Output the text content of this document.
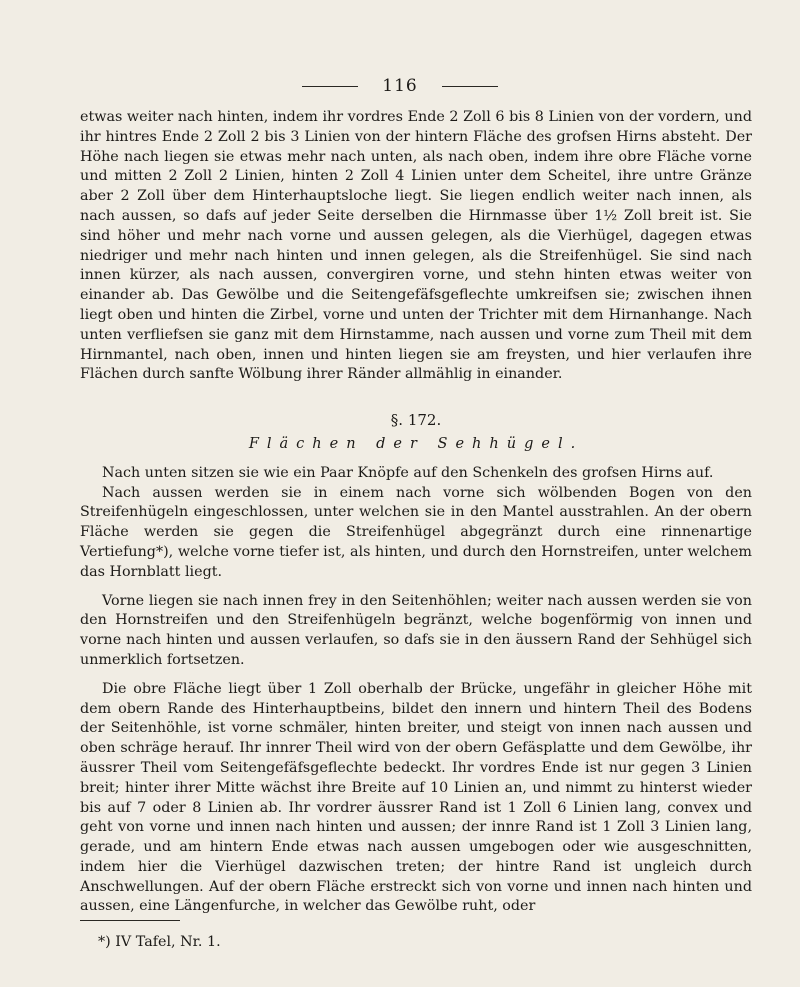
116

etwas weiter nach hinten, indem ihr vordres Ende 2 Zoll 6 bis 8 Linien von der vordern, und ihr hintres Ende 2 Zoll 2 bis 3 Linien von der hintern Fläche des grofsen Hirns absteht. Der Höhe nach liegen sie etwas mehr nach unten, als nach oben, indem ihre obre Fläche vorne und mitten 2 Zoll 2 Linien, hinten 2 Zoll 4 Linien unter dem Scheitel, ihre untre Gränze aber 2 Zoll über dem Hinterhauptsloche liegt. Sie liegen endlich weiter nach innen, als nach aussen, so dafs auf jeder Seite derselben die Hirnmasse über 1½ Zoll breit ist. Sie sind höher und mehr nach vorne und aussen gelegen, als die Vierhügel, dagegen etwas niedriger und mehr nach hinten und innen gelegen, als die Streifenhügel. Sie sind nach innen kürzer, als nach aussen, convergiren vorne, und stehn hinten etwas weiter von einander ab. Das Gewölbe und die Seitengefäfsgeflechte umkreifsen sie; zwischen ihnen liegt oben und hinten die Zirbel, vorne und unten der Trichter mit dem Hirnanhange. Nach unten verfliefsen sie ganz mit dem Hirnstamme, nach aussen und vorne zum Theil mit dem Hirnmantel, nach oben, innen und hinten liegen sie am freysten, und hier verlaufen ihre Flächen durch sanfte Wölbung ihrer Ränder allmählig in einander.

§. 172.
Flächen der Sehhügel.

Nach unten sitzen sie wie ein Paar Knöpfe auf den Schenkeln des grofsen Hirns auf.

Nach aussen werden sie in einem nach vorne sich wölbenden Bogen von den Streifenhügeln eingeschlossen, unter welchen sie in den Mantel ausstrahlen. An der obern Fläche werden sie gegen die Streifenhügel abgegränzt durch eine rinnenartige Vertiefung*), welche vorne tiefer ist, als hinten, und durch den Hornstreifen, unter welchem das Hornblatt liegt.

Vorne liegen sie nach innen frey in den Seitenhöhlen; weiter nach aussen werden sie von den Hornstreifen und den Streifenhügeln begränzt, welche bogenförmig von innen und vorne nach hinten und aussen verlaufen, so dafs sie in den äussern Rand der Sehhügel sich unmerklich fortsetzen.

Die obre Fläche liegt über 1 Zoll oberhalb der Brücke, ungefähr in gleicher Höhe mit dem obern Rande des Hinterhauptbeins, bildet den innern und hintern Theil des Bodens der Seitenhöhle, ist vorne schmäler, hinten breiter, und steigt von innen nach aussen und oben schräge herauf. Ihr innrer Theil wird von der obern Gefäsplatte und dem Gewölbe, ihr äussrer Theil vom Seitengefäfsgeflechte bedeckt. Ihr vordres Ende ist nur gegen 3 Linien breit; hinter ihrer Mitte wächst ihre Breite auf 10 Linien an, und nimmt zu hinterst wieder bis auf 7 oder 8 Linien ab. Ihr vordrer äussrer Rand ist 1 Zoll 6 Linien lang, convex und geht von vorne und innen nach hinten und aussen; der innre Rand ist 1 Zoll 3 Linien lang, gerade, und am hintern Ende etwas nach aussen umgebogen oder wie ausgeschnitten, indem hier die Vierhügel dazwischen treten; der hintre Rand ist ungleich durch Anschwellungen. Auf der obern Fläche erstreckt sich von vorne und innen nach hinten und aussen, eine Längenfurche, in welcher das Gewölbe ruht, oder

*) IV Tafel, Nr. 1.
